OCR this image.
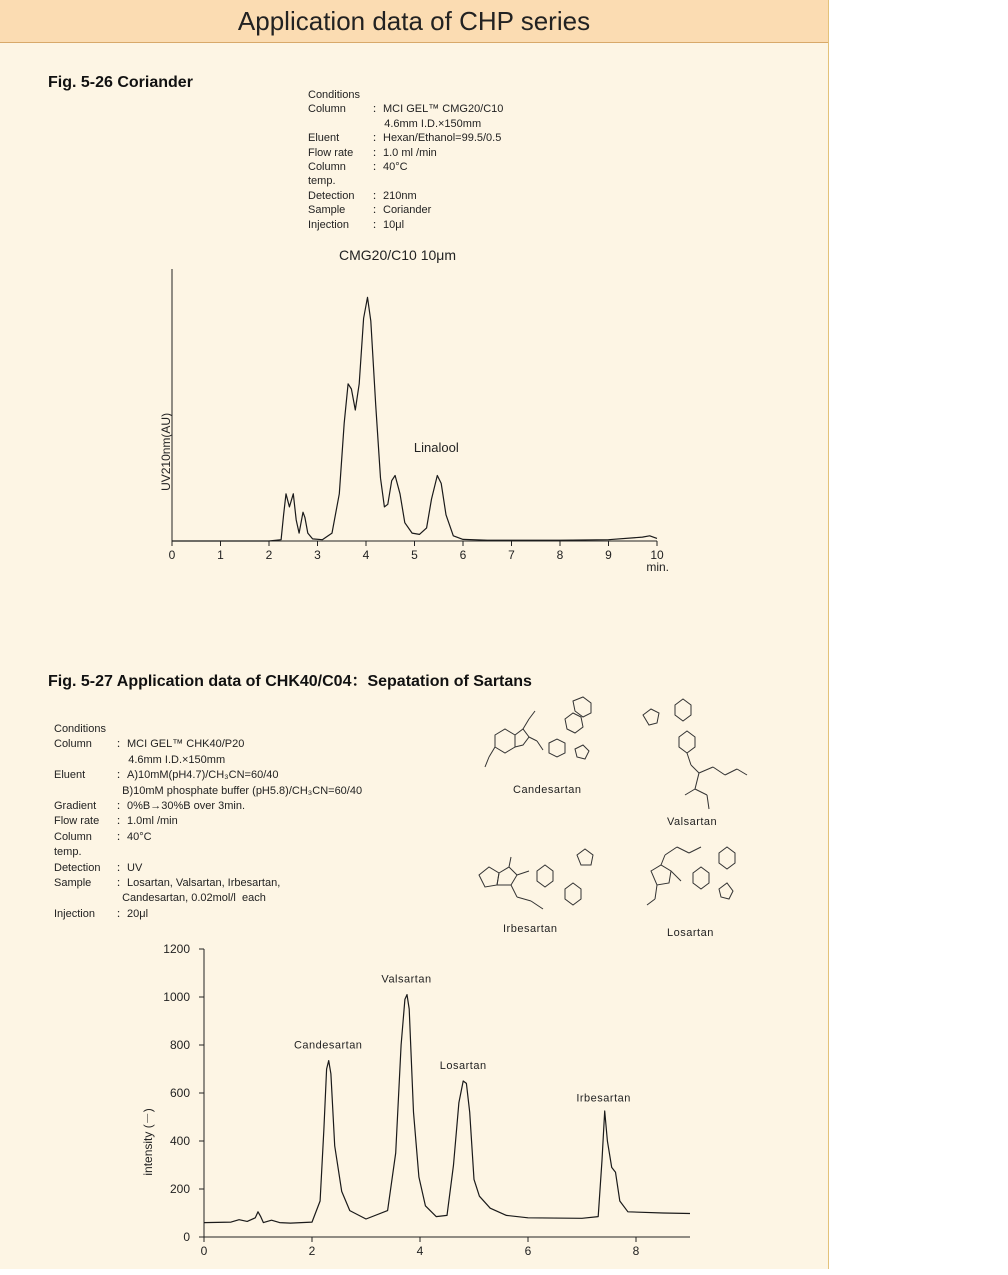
Application data of CHP series
Fig. 5-26 Coriander
Conditions
Column	：MCI GEL™ CMG20/C10
4.6mm I.D.×150mm
Eluent	：Hexan/Ethanol=99.5/0.5
Flow rate	：1.0 ml /min
Column temp.
：40°C
Detection	：210nm
Sample	：Coriander
Injection	：10μl
0	1	2	3	4	5	6	7	8	9	10
CMG20/C10 10μm
min.
UV210nm(AU)	Linalool
Fig. 5-27 Application data of CHK40/C04：Sepatation of Sartans
Conditions
Column	：MCI GEL™ CHK40/P20
4.6mm I.D.×150mm
Eluent	：A)10mM(pH4.7)/CH₃CN=60/40
B)10mM phosphate buffer (pH5.8)/CH₃CN=60/40
Gradient	：0%B→30%B over 3min.
Flow rate	：1.0ml /min
Column temp.
：40°C
Detection	：UV
Sample	：Losartan, Valsartan, Irbesartan,
Candesartan, 0.02mol/l  each
Injection	：20μl
Candesartan
Valsartan
Irbesartan	Losartan
0	2	4	6	8
0
200
400
600
800
1000
1200
intensity (－)
Candesartan
Valsartan
Losartan
Irbesartan
